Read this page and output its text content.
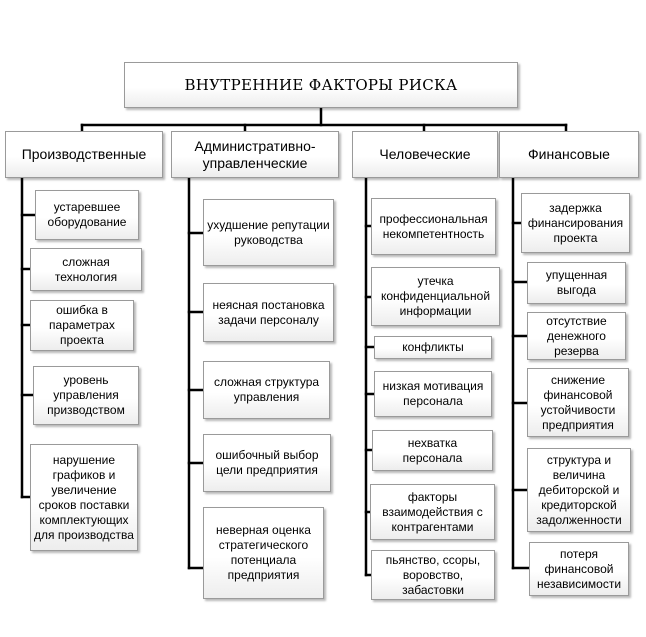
ВНУТРЕННИЕ ФАКТОРЫ РИСКА
Производственные
Административно-
управленческие
Человеческие	Финансовые
устаревшее
оборудование
сложная
технология
ошибка в
параметрах
проекта
уровень
управления
призводством
нарушение
графиков и
увеличение
сроков поставки
комплектующих
для производства
ухудшение репутации
руководства
неясная постановка
задачи персоналу
сложная структура
управления
ошибочный выбор
цели предприятия
неверная оценка
стратегического
потенциала
предприятия
профессиональная
некомпетентность
утечка
конфиденциальной
информации
конфликты
низкая мотивация
персонала
нехватка
персонала
факторы
взаимодействия с
контрагентами
пьянство, ссоры,
воровство,
забастовки
задержка
финансирования
проекта
упущенная
выгода
отсутствие
денежного
резерва
снижение
финансовой
устойчивости
предприятия
структура и
величина
дебиторской и
кредиторской
задолженности
потеря
финансовой
независимости
